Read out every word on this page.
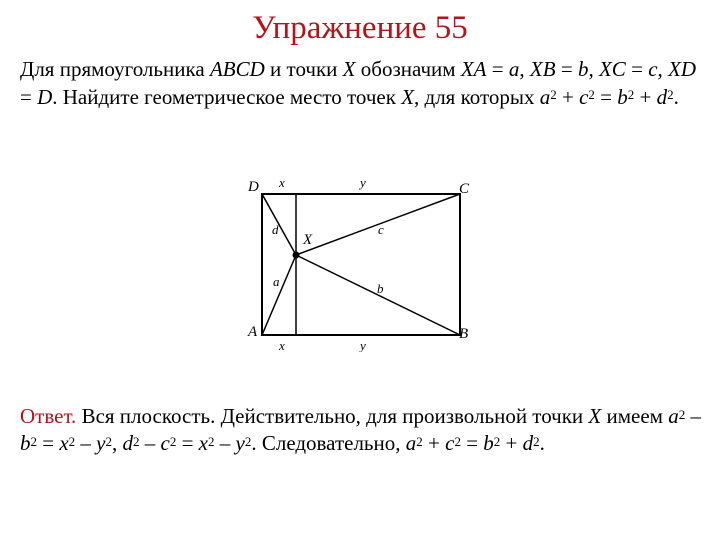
Упражнение 55
Для прямоугольника ABCD и точки X обозначим XA = a, XB = b, XC = c, XD = D. Найдите геометрическое место точек X, для которых $a^2 + c^2 = b^2 + d^2$.
D	C
A	B
X
x	y
x	y
d	c
a	b
Ответ. Вся плоскость. Действительно, для произвольной точки X имеем $a^2 - b^2 = x^2 - y^2$, $d^2 - c^2 = x^2 - y^2$. Следовательно, $a^2 + c^2 = b^2 + d^2$.
